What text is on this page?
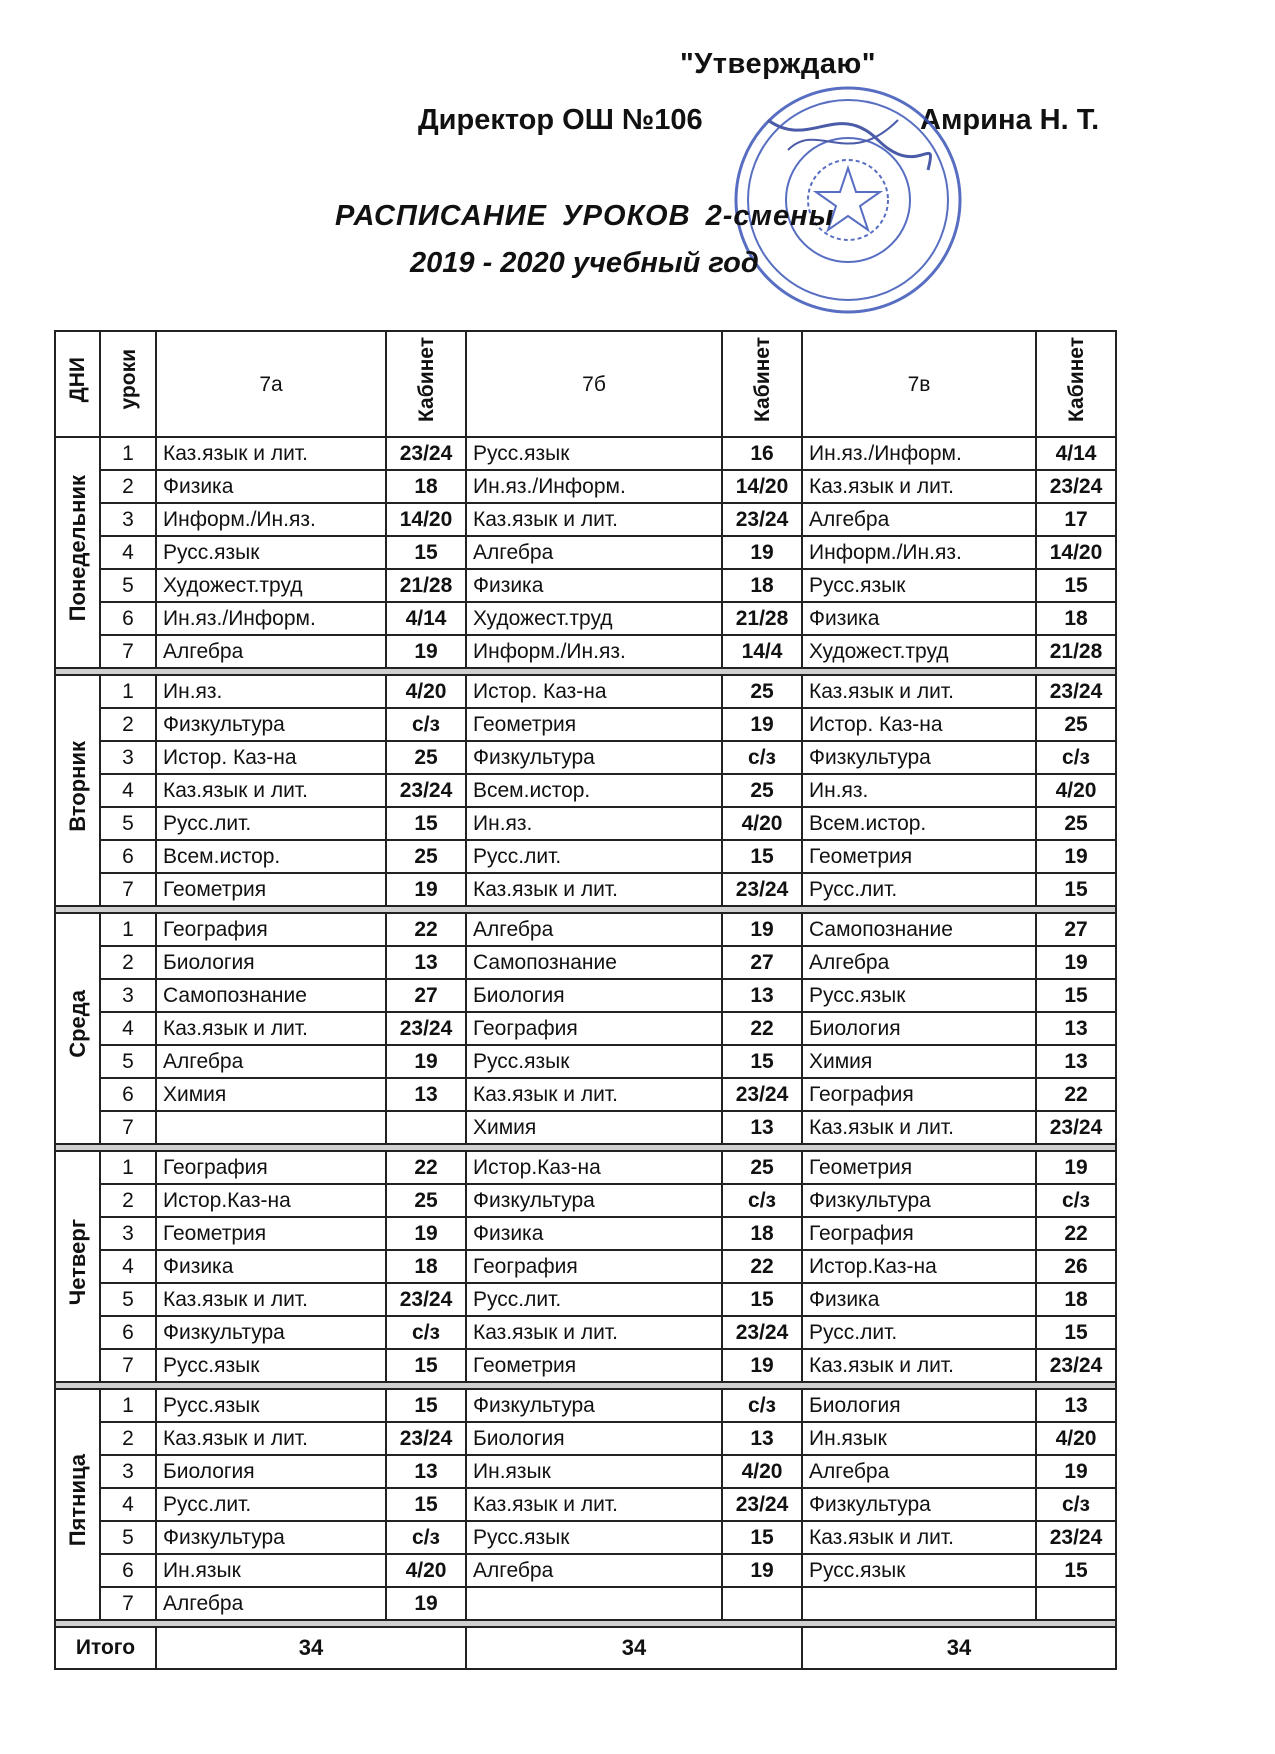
"Утверждаю"
Директор ОШ №106	Амрина Н. Т.
РАСПИСАНИЕ УРОКОВ 2-смены
2019 - 2020 учебный год
ДНИ	уроки	7а	Кабинет	7б	Кабинет	7в	Кабинет
Понедельник	1	Каз.язык и лит.	23/24	Русс.язык	16	Ин.яз./Информ.	4/14
	2	Физика	18	Ин.яз./Информ.	14/20	Каз.язык и лит.	23/24
	3	Информ./Ин.яз.	14/20	Каз.язык и лит.	23/24	Алгебра	17
	4	Русс.язык	15	Алгебра	19	Информ./Ин.яз.	14/20
	5	Художест.труд	21/28	Физика	18	Русс.язык	15
	6	Ин.яз./Информ.	4/14	Художест.труд	21/28	Физика	18
	7	Алгебра	19	Информ./Ин.яз.	14/4	Художест.труд	21/28

Вторник	1	Ин.яз.	4/20	Истор. Каз-на	25	Каз.язык и лит.	23/24
	2	Физкультура	с/з	Геометрия	19	Истор. Каз-на	25
	3	Истор. Каз-на	25	Физкультура	с/з	Физкультура	с/з
	4	Каз.язык и лит.	23/24	Всем.истор.	25	Ин.яз.	4/20
	5	Русс.лит.	15	Ин.яз.	4/20	Всем.истор.	25
	6	Всем.истор.	25	Русс.лит.	15	Геометрия	19
	7	Геометрия	19	Каз.язык и лит.	23/24	Русс.лит.	15

Среда	1	География	22	Алгебра	19	Самопознание	27
	2	Биология	13	Самопознание	27	Алгебра	19
	3	Самопознание	27	Биология	13	Русс.язык	15
	4	Каз.язык и лит.	23/24	География	22	Биология	13
	5	Алгебра	19	Русс.язык	15	Химия	13
	6	Химия	13	Каз.язык и лит.	23/24	География	22
	7			Химия	13	Каз.язык и лит.	23/24

Четверг	1	География	22	Истор.Каз-на	25	Геометрия	19
	2	Истор.Каз-на	25	Физкультура	с/з	Физкультура	с/з
	3	Геометрия	19	Физика	18	География	22
	4	Физика	18	География	22	Истор.Каз-на	26
	5	Каз.язык и лит.	23/24	Русс.лит.	15	Физика	18
	6	Физкультура	с/з	Каз.язык и лит.	23/24	Русс.лит.	15
	7	Русс.язык	15	Геометрия	19	Каз.язык и лит.	23/24

Пятница	1	Русс.язык	15	Физкультура	с/з	Биология	13
	2	Каз.язык и лит.	23/24	Биология	13	Ин.язык	4/20
	3	Биология	13	Ин.язык	4/20	Алгебра	19
	4	Русс.лит.	15	Каз.язык и лит.	23/24	Физкультура	с/з
	5	Физкультура	с/з	Русс.язык	15	Каз.язык и лит.	23/24
	6	Ин.язык	4/20	Алгебра	19	Русс.язык	15
	7	Алгебра	19				

Итого		34		34		34	
